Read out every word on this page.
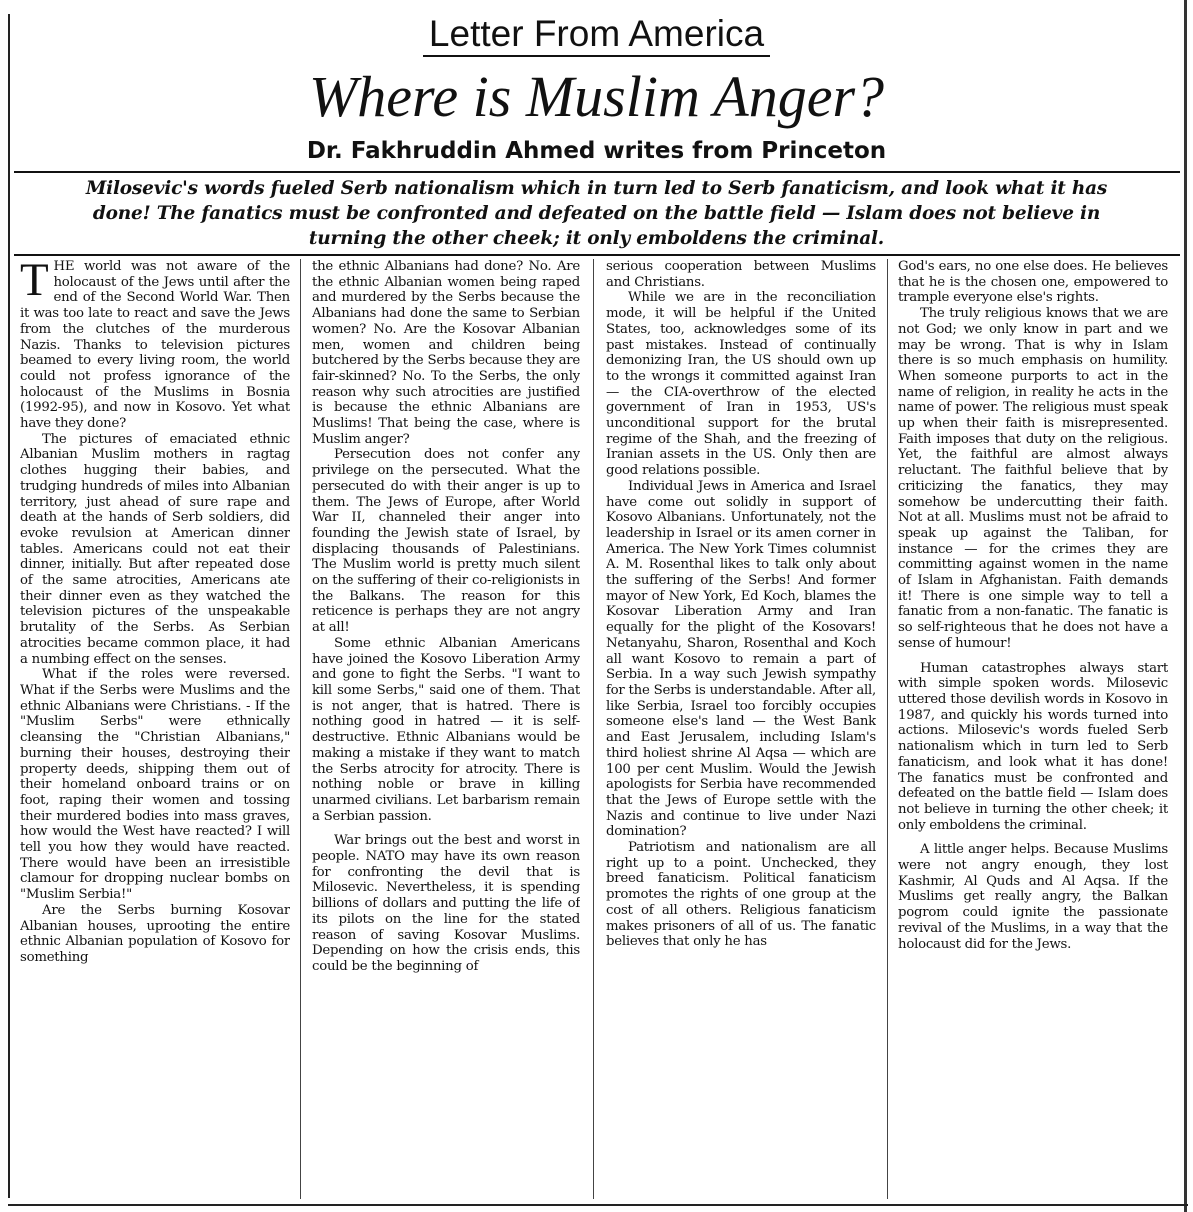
Letter From America
Where is Muslim Anger?
Dr. Fakhruddin Ahmed writes from Princeton
Milosevic's words fueled Serb nationalism which in turn led to Serb fanaticism, and look what it has done! The fanatics must be confronted and defeated on the battle field — Islam does not believe in turning the other cheek; it only emboldens the criminal.

THE world was not aware of the holocaust of the Jews until after the end of the Second World War. Then it was too late to react and save the Jews from the clutches of the murderous Nazis. Thanks to television pictures beamed to every living room, the world could not profess ignorance of the holocaust of the Muslims in Bosnia (1992-95), and now in Kosovo. Yet what have they done?

The pictures of emaciated ethnic Albanian Muslim mothers in ragtag clothes hugging their babies, and trudging hundreds of miles into Albanian territory, just ahead of sure rape and death at the hands of Serb soldiers, did evoke revulsion at American dinner tables. Americans could not eat their dinner, initially. But after repeated dose of the same atrocities, Americans ate their dinner even as they watched the television pictures of the unspeakable brutality of the Serbs. As Serbian atrocities became common place, it had a numbing effect on the senses.

What if the roles were reversed. What if the Serbs were Muslims and the ethnic Albanians were Christians. - If the "Muslim Serbs" were ethnically cleansing the "Christian Albanians," burning their houses, destroying their property deeds, shipping them out of their homeland onboard trains or on foot, raping their women and tossing their murdered bodies into mass graves, how would the West have reacted? I will tell you how they would have reacted. There would have been an irresistible clamour for dropping nuclear bombs on "Muslim Serbia!"

Are the Serbs burning Kosovar Albanian houses, uprooting the entire ethnic Albanian population of Kosovo for something

the ethnic Albanians had done? No. Are the ethnic Albanian women being raped and murdered by the Serbs because the Albanians had done the same to Serbian women? No. Are the Kosovar Albanian men, women and children being butchered by the Serbs because they are fair-skinned? No. To the Serbs, the only reason why such atrocities are justified is because the ethnic Albanians are Muslims! That being the case, where is Muslim anger?

Persecution does not confer any privilege on the persecuted. What the persecuted do with their anger is up to them. The Jews of Europe, after World War II, channeled their anger into founding the Jewish state of Israel, by displacing thousands of Palestinians. The Muslim world is pretty much silent on the suffering of their co-religionists in the Balkans. The reason for this reticence is perhaps they are not angry at all!

Some ethnic Albanian Americans have joined the Kosovo Liberation Army and gone to fight the Serbs. "I want to kill some Serbs," said one of them. That is not anger, that is hatred. There is nothing good in hatred — it is self-destructive. Ethnic Albanians would be making a mistake if they want to match the Serbs atrocity for atrocity. There is nothing noble or brave in killing unarmed civilians. Let barbarism remain a Serbian passion.

War brings out the best and worst in people. NATO may have its own reason for confronting the devil that is Milosevic. Nevertheless, it is spending billions of dollars and putting the life of its pilots on the line for the stated reason of saving Kosovar Muslims. Depending on how the crisis ends, this could be the beginning of

serious cooperation between Muslims and Christians.

While we are in the reconciliation mode, it will be helpful if the United States, too, acknowledges some of its past mistakes. Instead of continually demonizing Iran, the US should own up to the wrongs it committed against Iran — the CIA-overthrow of the elected government of Iran in 1953, US's unconditional support for the brutal regime of the Shah, and the freezing of Iranian assets in the US. Only then are good relations possible.

Individual Jews in America and Israel have come out solidly in support of Kosovo Albanians. Unfortunately, not the leadership in Israel or its amen corner in America. The New York Times columnist A. M. Rosenthal likes to talk only about the suffering of the Serbs! And former mayor of New York, Ed Koch, blames the Kosovar Liberation Army and Iran equally for the plight of the Kosovars! Netanyahu, Sharon, Rosenthal and Koch all want Kosovo to remain a part of Serbia. In a way such Jewish sympathy for the Serbs is understandable. After all, like Serbia, Israel too forcibly occupies someone else's land — the West Bank and East Jerusalem, including Islam's third holiest shrine Al Aqsa — which are 100 per cent Muslim. Would the Jewish apologists for Serbia have recommended that the Jews of Europe settle with the Nazis and continue to live under Nazi domination?

Patriotism and nationalism are all right up to a point. Unchecked, they breed fanaticism. Political fanaticism promotes the rights of one group at the cost of all others. Religious fanaticism makes prisoners of all of us. The fanatic believes that only he has

God's ears, no one else does. He believes that he is the chosen one, empowered to trample everyone else's rights.

The truly religious knows that we are not God; we only know in part and we may be wrong. That is why in Islam there is so much emphasis on humility. When someone purports to act in the name of religion, in reality he acts in the name of power. The religious must speak up when their faith is misrepresented. Faith imposes that duty on the religious. Yet, the faithful are almost always reluctant. The faithful believe that by criticizing the fanatics, they may somehow be undercutting their faith. Not at all. Muslims must not be afraid to speak up against the Taliban, for instance — for the crimes they are committing against women in the name of Islam in Afghanistan. Faith demands it! There is one simple way to tell a fanatic from a non-fanatic. The fanatic is so self-righteous that he does not have a sense of humour!

Human catastrophes always start with simple spoken words. Milosevic uttered those devilish words in Kosovo in 1987, and quickly his words turned into actions. Milosevic's words fueled Serb nationalism which in turn led to Serb fanaticism, and look what it has done! The fanatics must be confronted and defeated on the battle field — Islam does not believe in turning the other cheek; it only emboldens the criminal.

A little anger helps. Because Muslims were not angry enough, they lost Kashmir, Al Quds and Al Aqsa. If the Muslims get really angry, the Balkan pogrom could ignite the passionate revival of the Muslims, in a way that the holocaust did for the Jews.
